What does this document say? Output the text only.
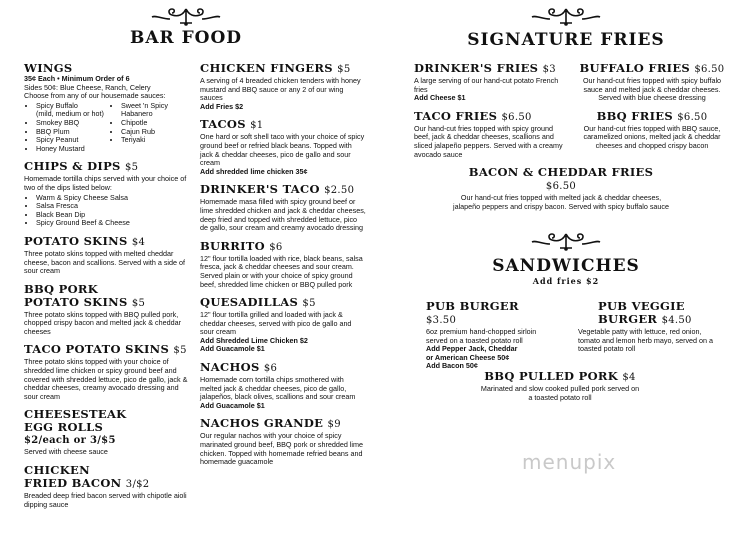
BAR FOOD	SIGNATURE FRIES
SANDWICHES
Add fries $2
WINGS

35¢ Each • Minimum Order of 6

Sides 50¢: Blue Cheese, Ranch, Celery

Choose from any of our housemade sauces:

• Spicy Buffalo
(mild, medium or hot)
• Smokey BBQ
• BBQ Plum
• Spicy Peanut
• Honey Mustard
• Sweet 'n Spicy
Habanero
• Chipotle
• Cajun Rub
• Teriyaki
CHIPS & DIPS $5

Homemade tortilla chips served with your choice of two of the dips listed below:

• Warm & Spicy Cheese Salsa
• Salsa Fresca
• Black Bean Dip
• Spicy Ground Beef & Cheese
POTATO SKINS $4

Three potato skins topped with melted cheddar cheese, bacon and scallions. Served with a side of sour cream

BBQ PORK
POTATO SKINS $5

Three potato skins topped with BBQ pulled pork, chopped crispy bacon and melted jack & cheddar cheeses

TACO POTATO SKINS $5

Three potato skins topped with your choice of shredded lime chicken or spicy ground beef and covered with shredded lettuce, pico de gallo, jack & cheddar cheeses, creamy avocado dressing and sour cream

CHEESESTEAK
EGG ROLLS
$2/each or 3/$5

Served with cheese sauce

CHICKEN
FRIED BACON 3/$2

Breaded deep fried bacon served with chipotle aioli dipping sauce

CHICKEN FINGERS $5

A serving of 4 breaded chicken tenders with honey mustard and BBQ sauce or any 2 of our wing sauces

Add Fries $2

TACOS $1

One hard or soft shell taco with your choice of spicy ground beef or refried black beans. Topped with jack & cheddar cheeses, pico de gallo and sour cream

Add shredded lime chicken 35¢

DRINKER'S TACO $2.50

Homemade masa filled with spicy ground beef or lime shredded chicken and jack & cheddar cheeses, deep fried and topped with shredded lettuce, pico de gallo, sour cream and creamy avocado dressing

BURRITO $6

12" flour tortilla loaded with rice, black beans, salsa fresca, jack & cheddar cheeses and sour cream. Served plain or with your choice of spicy ground beef, shredded lime chicken or BBQ pulled pork

QUESADILLAS $5

12" flour tortilla grilled and loaded with jack & cheddar cheeses, served with pico de gallo and sour cream

Add Shredded Lime Chicken $2

Add Guacamole $1

NACHOS $6

Homemade corn tortilla chips smothered with melted jack & cheddar cheeses, pico de gallo, jalapeños, black olives, scallions and sour cream

Add Guacamole $1

NACHOS GRANDE $9

Our regular nachos with your choice of spicy marinated ground beef, BBQ pork or shredded lime chicken. Topped with homemade refried beans and homemade guacamole

DRINKER'S FRIES $3

A large serving of our hand-cut potato French fries

Add Cheese $1

TACO FRIES $6.50

Our hand-cut fries topped with spicy ground beef, jack & cheddar cheeses, scallions and sliced jalapeño peppers. Served with a creamy avocado sauce

BUFFALO FRIES $6.50

Our hand-cut fries topped with spicy buffalo sauce and melted jack & cheddar cheeses. Served with blue cheese dressing

BBQ FRIES $6.50

Our hand-cut fries topped with BBQ sauce, caramelized onions, melted jack & cheddar cheeses and chopped crispy bacon

BACON & CHEDDAR FRIES $6.50

Our hand-cut fries topped with melted jack & cheddar cheeses, jalapeño peppers and crispy bacon. Served with spicy buffalo sauce

PUB BURGER $3.50

6oz premium hand-chopped sirloin served on a toasted potato roll

Add Pepper Jack, Cheddar

or American Cheese 50¢

Add Bacon 50¢

PUB VEGGIE
BURGER $4.50

Vegetable patty with lettuce, red onion, tomato and lemon herb mayo, served on a toasted potato roll

BBQ PULLED PORK $4

Marinated and slow cooked pulled pork served on a toasted potato roll

menupix
